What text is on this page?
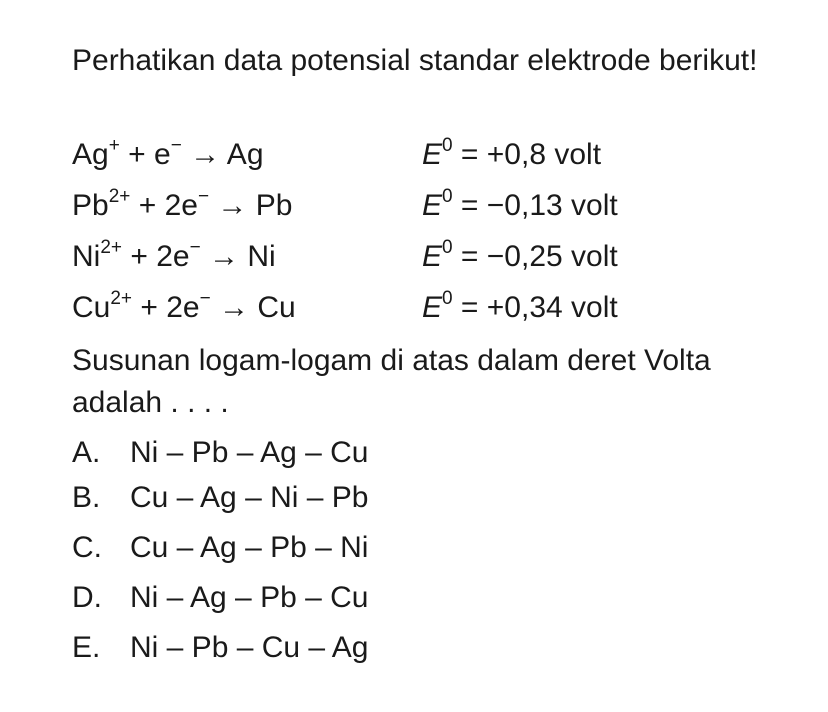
Perhatikan data potensial standar elektrode berikut!
Ag+ + e− → Ag	$E^0 = +0,8$ volt
$Pb^{2+} + 2e^- \to Pb$	$E^0 = -0,13$ volt
$Ni^{2+} + 2e^- \to Ni$	$E^0 = -0,25$ volt
$Cu^{2+} + 2e^- \to Cu$	$E^0 = +0,34$ volt
Susunan logam-logam di atas dalam deret Volta adalah . . . .
A. Ni – Pb – Ag – Cu
B. Cu – Ag – Ni – Pb
C. Cu – Ag – Pb – Ni
D. Ni – Ag – Pb – Cu
E. Ni – Pb – Cu – Ag
